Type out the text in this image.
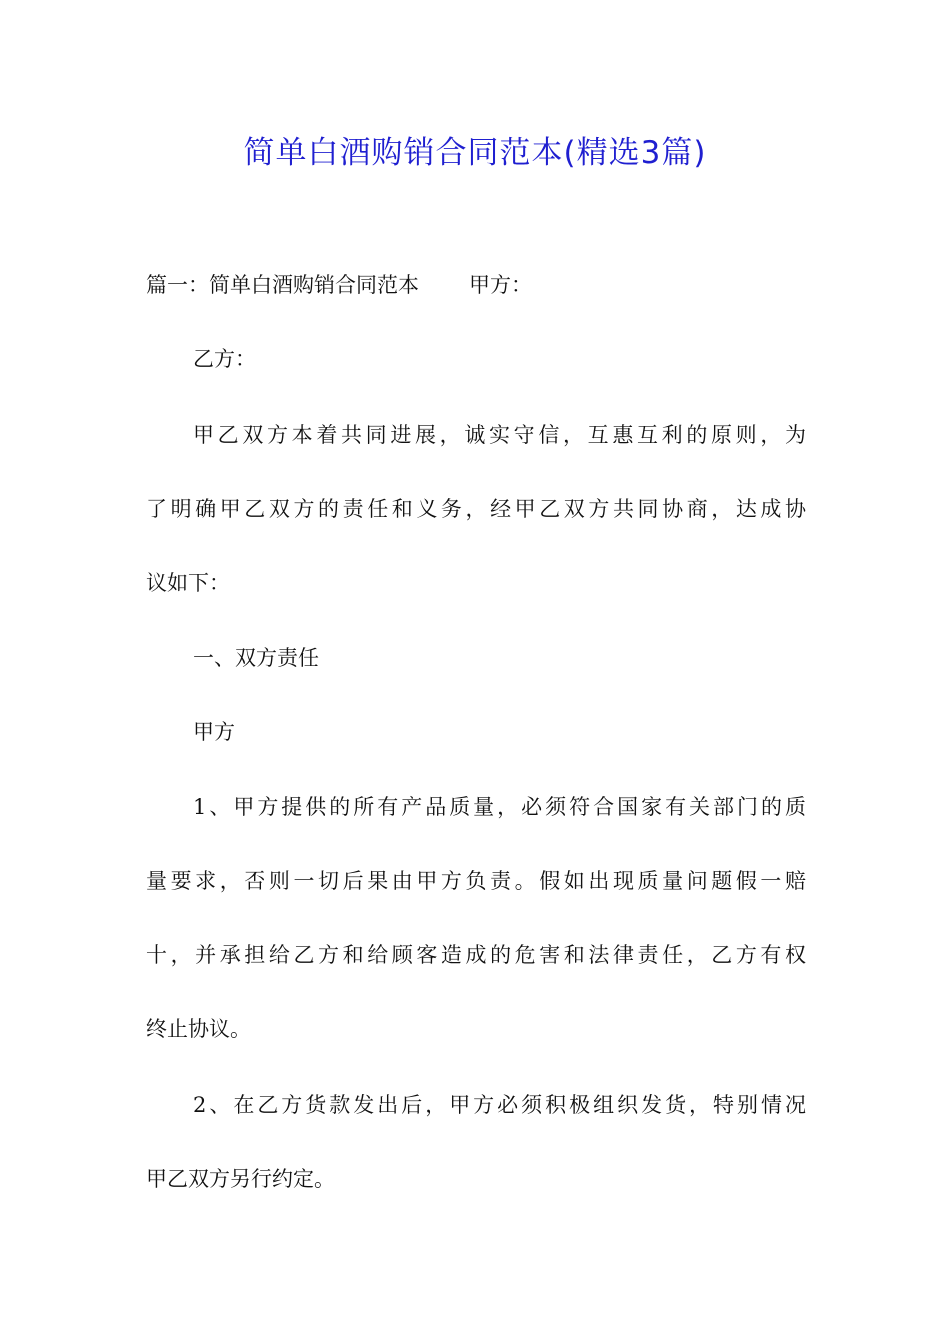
简单白酒购销合同范本(精选3篇)
篇一：简单白酒购销合同范本 甲方：
乙方：
甲乙双方本着共同进展，诚实守信，互惠互利的原则，为
了明确甲乙双方的责任和义务，经甲乙双方共同协商，达成协
议如下：
一、双方责任
甲方
1、甲方提供的所有产品质量，必须符合国家有关部门的质
量要求，否则一切后果由甲方负责。假如出现质量问题假一赔
十，并承担给乙方和给顾客造成的危害和法律责任，乙方有权
终止协议。
2、在乙方货款发出后，甲方必须积极组织发货，特别情况
甲乙双方另行约定。
